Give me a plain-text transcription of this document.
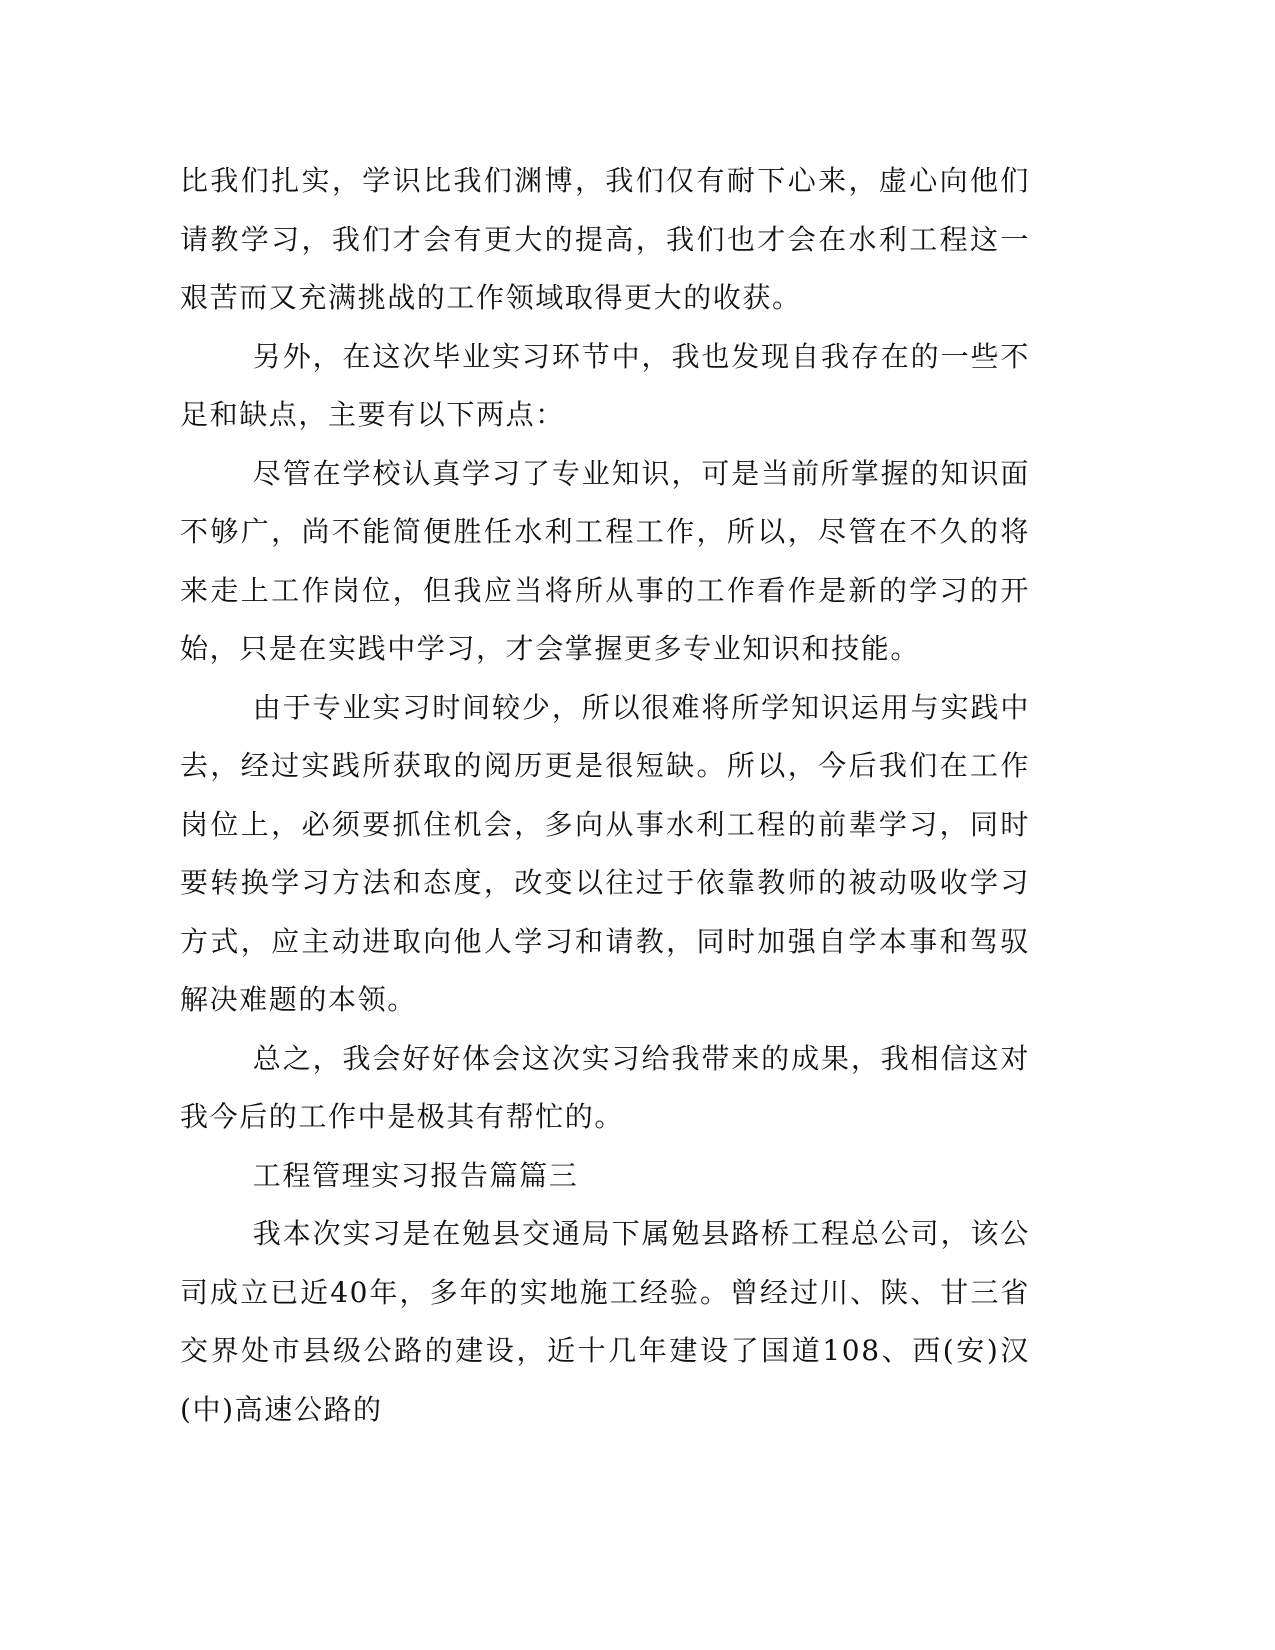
比我们扎实，学识比我们渊博，我们仅有耐下心来，虚心向他们请教学习，我们才会有更大的提高，我们也才会在水利工程这一艰苦而又充满挑战的工作领域取得更大的收获。

另外，在这次毕业实习环节中，我也发现自我存在的一些不足和缺点，主要有以下两点：

尽管在学校认真学习了专业知识，可是当前所掌握的知识面不够广，尚不能简便胜任水利工程工作，所以，尽管在不久的将来走上工作岗位，但我应当将所从事的工作看作是新的学习的开始，只是在实践中学习，才会掌握更多专业知识和技能。

由于专业实习时间较少，所以很难将所学知识运用与实践中去，经过实践所获取的阅历更是很短缺。所以，今后我们在工作岗位上，必须要抓住机会，多向从事水利工程的前辈学习，同时要转换学习方法和态度，改变以往过于依靠教师的被动吸收学习方式，应主动进取向他人学习和请教，同时加强自学本事和驾驭解决难题的本领。

总之，我会好好体会这次实习给我带来的成果，我相信这对我今后的工作中是极其有帮忙的。

工程管理实习报告篇篇三

我本次实习是在勉县交通局下属勉县路桥工程总公司，该公司成立已近40年，多年的实地施工经验。曾经过川、陕、甘三省交界处市县级公路的建设，近十几年建设了国道108、西(安)汉(中)高速公路的
